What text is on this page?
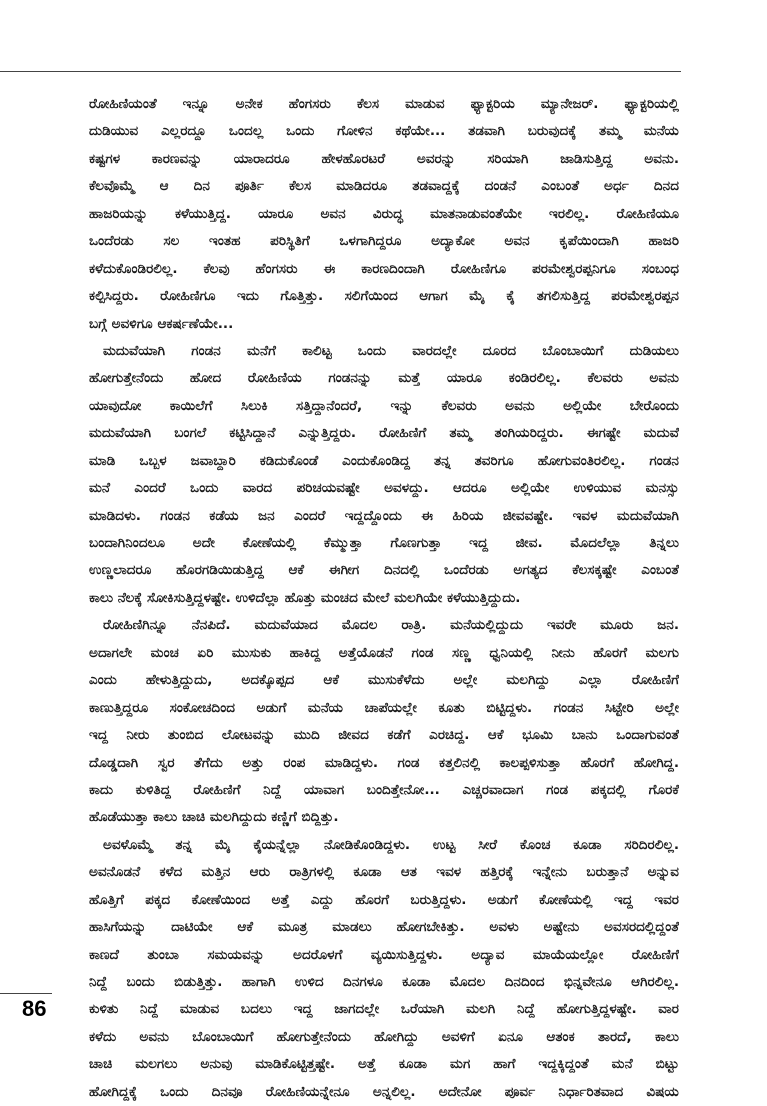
ರೋಹಿಣಿಯಂತೆ ಇನ್ನೂ ಅನೇಕ ಹೆಂಗಸರು ಕೆಲಸ ಮಾಡುವ ಫ್ಯಾಕ್ಟರಿಯ ಮ್ಯಾನೇಜರ್. ಫ್ಯಾಕ್ಟರಿಯಲ್ಲಿ
ದುಡಿಯುವ ಎಲ್ಲರದ್ದೂ ಒಂದಲ್ಲ ಒಂದು ಗೋಳಿನ ಕಥೆಯೇ... ತಡವಾಗಿ ಬರುವುದಕ್ಕೆ ತಮ್ಮ ಮನೆಯ
ಕಷ್ಟಗಳ ಕಾರಣವನ್ನು ಯಾರಾದರೂ ಹೇಳಹೊರಟರೆ ಅವರನ್ನು ಸರಿಯಾಗಿ ಜಾಡಿಸುತ್ತಿದ್ದ ಅವನು.
ಕೆಲವೊಮ್ಮೆ ಆ ದಿನ ಪೂರ್ತಿ ಕೆಲಸ ಮಾಡಿದರೂ ತಡವಾದ್ದಕ್ಕೆ ದಂಡನೆ ಎಂಬಂತೆ ಅರ್ಧ ದಿನದ
ಹಾಜರಿಯನ್ನು ಕಳೆಯುತ್ತಿದ್ದ. ಯಾರೂ ಅವನ ವಿರುದ್ಧ ಮಾತನಾಡುವಂತೆಯೇ ಇರಲಿಲ್ಲ. ರೋಹಿಣಿಯೂ
ಒಂದೆರಡು ಸಲ ಇಂತಹ ಪರಿಸ್ಥಿತಿಗೆ ಒಳಗಾಗಿದ್ದರೂ ಅದ್ಯಾಕೋ ಅವನ ಕೃಪೆಯಿಂದಾಗಿ ಹಾಜರಿ
ಕಳೆದುಕೊಂಡಿರಲಿಲ್ಲ. ಕೆಲವು ಹೆಂಗಸರು ಈ ಕಾರಣದಿಂದಾಗಿ ರೋಹಿಣಿಗೂ ಪರಮೇಶ್ವರಪ್ಪನಿಗೂ ಸಂಬಂಧ
ಕಲ್ಪಿಸಿದ್ದರು. ರೋಹಿಣಿಗೂ ಇದು ಗೊತ್ತಿತ್ತು. ಸಲಿಗೆಯಿಂದ ಆಗಾಗ ಮೈ ಕೈ ತಗಲಿಸುತ್ತಿದ್ದ ಪರಮೇಶ್ವರಪ್ಪನ
ಬಗ್ಗೆ ಅವಳಿಗೂ ಆಕರ್ಷಣೆಯೇ...
ಮದುವೆಯಾಗಿ ಗಂಡನ ಮನೆಗೆ ಕಾಲಿಟ್ಟ ಒಂದು ವಾರದಲ್ಲೇ ದೂರದ ಬೊಂಬಾಯಿಗೆ ದುಡಿಯಲು
ಹೋಗುತ್ತೇನೆಂದು ಹೋದ ರೋಹಿಣಿಯ ಗಂಡನನ್ನು ಮತ್ತೆ ಯಾರೂ ಕಂಡಿರಲಿಲ್ಲ. ಕೆಲವರು ಅವನು
ಯಾವುದೋ ಕಾಯಿಲೆಗೆ ಸಿಲುಕಿ ಸತ್ತಿದ್ದಾನೆಂದರೆ, ಇನ್ನು ಕೆಲವರು ಅವನು ಅಲ್ಲಿಯೇ ಬೇರೊಂದು
ಮದುವೆಯಾಗಿ ಬಂಗಲೆ ಕಟ್ಟಿಸಿದ್ದಾನೆ ಎನ್ನುತ್ತಿದ್ದರು. ರೋಹಿಣಿಗೆ ತಮ್ಮ ತಂಗಿಯರಿದ್ದರು. ಈಗಷ್ಟೇ ಮದುವೆ
ಮಾಡಿ ಒಬ್ಬಳ ಜವಾಬ್ದಾರಿ ಕಡಿದುಕೊಂಡೆ ಎಂದುಕೊಂಡಿದ್ದ ತನ್ನ ತವರಿಗೂ ಹೋಗುವಂತಿರಲಿಲ್ಲ. ಗಂಡನ
ಮನೆ ಎಂದರೆ ಒಂದು ವಾರದ ಪರಿಚಯವಷ್ಟೇ ಅವಳದ್ದು. ಆದರೂ ಅಲ್ಲಿಯೇ ಉಳಿಯುವ ಮನಸ್ಸು
ಮಾಡಿದಳು. ಗಂಡನ ಕಡೆಯ ಜನ ಎಂದರೆ ಇದ್ದದ್ದೊಂದು ಈ ಹಿರಿಯ ಜೀವವಷ್ಟೇ. ಇವಳ ಮದುವೆಯಾಗಿ
ಬಂದಾಗಿನಿಂದಲೂ ಅದೇ ಕೋಣೆಯಲ್ಲಿ ಕೆಮ್ಮುತ್ತಾ ಗೊಣಗುತ್ತಾ ಇದ್ದ ಜೀವ. ಮೊದಲೆಲ್ಲಾ ತಿನ್ನಲು
ಉಣ್ಣಲಾದರೂ ಹೊರಗಡಿಯಿಡುತ್ತಿದ್ದ ಆಕೆ ಈಗೀಗ ದಿನದಲ್ಲಿ ಒಂದೆರಡು ಅಗತ್ಯದ ಕೆಲಸಕ್ಕಷ್ಟೇ ಎಂಬಂತೆ
ಕಾಲು ನೆಲಕ್ಕೆ ಸೋಕಿಸುತ್ತಿದ್ದಳಷ್ಟೇ. ಉಳಿದೆಲ್ಲಾ ಹೊತ್ತು ಮಂಚದ ಮೇಲೆ ಮಲಗಿಯೇ ಕಳೆಯುತ್ತಿದ್ದುದು.
ರೋಹಿಣಿಗಿನ್ನೂ ನೆನಪಿದೆ. ಮದುವೆಯಾದ ಮೊದಲ ರಾತ್ರಿ. ಮನೆಯಲ್ಲಿದ್ದುದು ಇವರೇ ಮೂರು ಜನ.
ಅದಾಗಲೇ ಮಂಚ ಏರಿ ಮುಸುಕು ಹಾಕಿದ್ದ ಅತ್ತೆಯೊಡನೆ ಗಂಡ ಸಣ್ಣ ಧ್ವನಿಯಲ್ಲಿ ನೀನು ಹೊರಗೆ ಮಲಗು
ಎಂದು ಹೇಳುತ್ತಿದ್ದುದು, ಅದಕ್ಕೊಪ್ಪದ ಆಕೆ ಮುಸುಕೆಳೆದು ಅಲ್ಲೇ ಮಲಗಿದ್ದು ಎಲ್ಲಾ ರೋಹಿಣಿಗೆ
ಕಾಣುತ್ತಿದ್ದರೂ ಸಂಕೋಚದಿಂದ ಅಡುಗೆ ಮನೆಯ ಚಾಪೆಯಲ್ಲೇ ಕೂತು ಬಿಟ್ಟಿದ್ದಳು. ಗಂಡನ ಸಿಟ್ಟೇರಿ ಅಲ್ಲೇ
ಇದ್ದ ನೀರು ತುಂಬಿದ ಲೋಟವನ್ನು ಮುದಿ ಜೀವದ ಕಡೆಗೆ ಎರಚಿದ್ದ. ಆಕೆ ಭೂಮಿ ಬಾನು ಒಂದಾಗುವಂತೆ
ದೊಡ್ಡದಾಗಿ ಸ್ವರ ತೆಗೆದು ಅತ್ತು ರಂಪ ಮಾಡಿದ್ದಳು. ಗಂಡ ಕತ್ತಲಿನಲ್ಲಿ ಕಾಲಪ್ಪಳಿಸುತ್ತಾ ಹೊರಗೆ ಹೋಗಿದ್ದ.
ಕಾದು ಕುಳಿತಿದ್ದ ರೋಹಿಣಿಗೆ ನಿದ್ದೆ ಯಾವಾಗ ಬಂದಿತ್ತೇನೋ... ಎಚ್ಚರವಾದಾಗ ಗಂಡ ಪಕ್ಕದಲ್ಲಿ ಗೊರಕೆ
ಹೊಡೆಯುತ್ತಾ ಕಾಲು ಚಾಚಿ ಮಲಗಿದ್ದುದು ಕಣ್ಣಿಗೆ ಬಿದ್ದಿತ್ತು.
ಅವಳೊಮ್ಮೆ ತನ್ನ ಮೈ ಕೈಯನ್ನೆಲ್ಲಾ ನೋಡಿಕೊಂಡಿದ್ದಳು. ಉಟ್ಟ ಸೀರೆ ಕೊಂಚ ಕೂಡಾ ಸರಿದಿರಲಿಲ್ಲ.
ಅವನೊಡನೆ ಕಳೆದ ಮತ್ತಿನ ಆರು ರಾತ್ರಿಗಳಲ್ಲಿ ಕೂಡಾ ಆತ ಇವಳ ಹತ್ತಿರಕ್ಕೆ ಇನ್ನೇನು ಬರುತ್ತಾನೆ ಅನ್ನುವ
ಹೊತ್ತಿಗೆ ಪಕ್ಕದ ಕೋಣೆಯಿಂದ ಅತ್ತೆ ಎದ್ದು ಹೊರಗೆ ಬರುತ್ತಿದ್ದಳು. ಅಡುಗೆ ಕೋಣೆಯಲ್ಲಿ ಇದ್ದ ಇವರ
ಹಾಸಿಗೆಯನ್ನು ದಾಟಿಯೇ ಆಕೆ ಮೂತ್ರ ಮಾಡಲು ಹೋಗಬೇಕಿತ್ತು. ಅವಳು ಅಷ್ಟೇನು ಅವಸರದಲ್ಲಿದ್ದಂತೆ
ಕಾಣದೆ ತುಂಬಾ ಸಮಯವನ್ನು ಅದರೊಳಗೆ ವ್ಯಯಿಸುತ್ತಿದ್ದಳು. ಅದ್ಯಾವ ಮಾಯೆಯಲ್ಲೋ ರೋಹಿಣಿಗೆ
ನಿದ್ದೆ ಬಂದು ಬಿಡುತ್ತಿತ್ತು. ಹಾಗಾಗಿ ಉಳಿದ ದಿನಗಳೂ ಕೂಡಾ ಮೊದಲ ದಿನದಿಂದ ಭಿನ್ನವೇನೂ ಆಗಿರಲಿಲ್ಲ.
ಕುಳಿತು ನಿದ್ದೆ ಮಾಡುವ ಬದಲು ಇದ್ದ ಜಾಗದಲ್ಲೇ ಒರೆಯಾಗಿ ಮಲಗಿ ನಿದ್ದೆ ಹೋಗುತ್ತಿದ್ದಳಷ್ಟೇ. ವಾರ
ಕಳೆದು ಅವನು ಬೊಂಬಾಯಿಗೆ ಹೋಗುತ್ತೇನೆಂದು ಹೋಗಿದ್ದು ಅವಳಿಗೆ ಏನೂ ಆತಂಕ ತಾರದೆ, ಕಾಲು
ಚಾಚಿ ಮಲಗಲು ಅನುವು ಮಾಡಿಕೊಟ್ಟಿತ್ತಷ್ಟೇ. ಅತ್ತೆ ಕೂಡಾ ಮಗ ಹಾಗೆ ಇದ್ದಕ್ಕಿದ್ದಂತೆ ಮನೆ ಬಿಟ್ಟು
ಹೋಗಿದ್ದಕ್ಕೆ ಒಂದು ದಿನವೂ ರೋಹಿಣಿಯನ್ನೇನೂ ಅನ್ನಲಿಲ್ಲ. ಅದೇನೋ ಪೂರ್ವ ನಿರ್ಧಾರಿತವಾದ ವಿಷಯ
86
